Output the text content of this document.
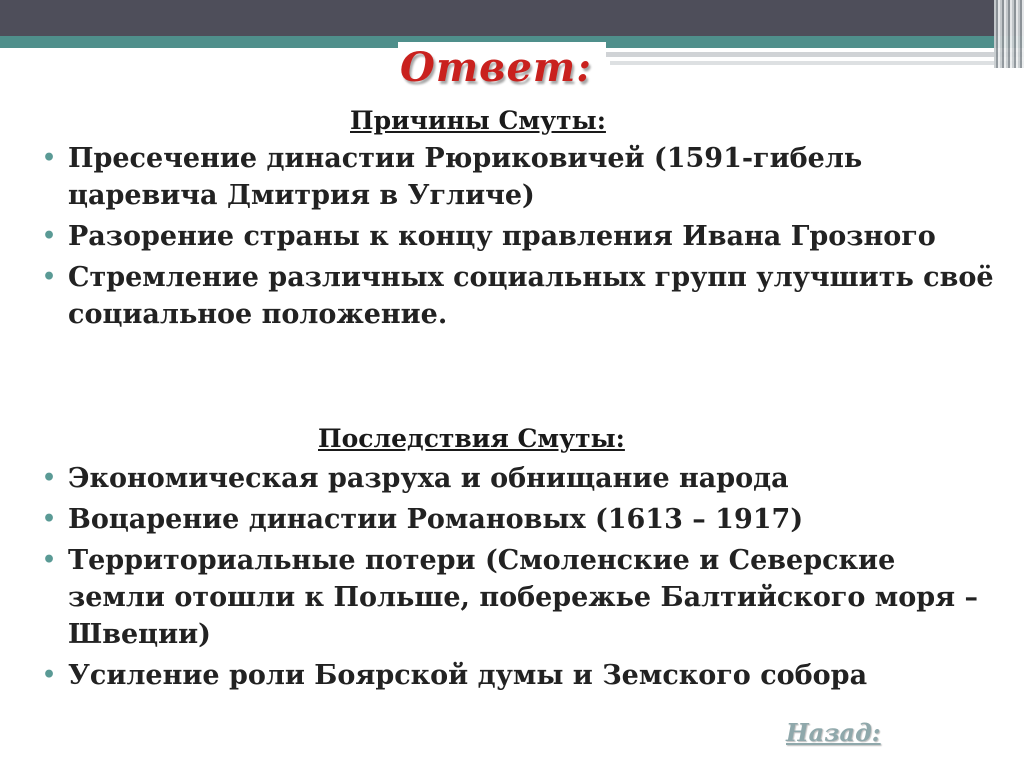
Ответ:
Причины Смуты:
• Пресечение династии Рюриковичей (1591-гибель царевича Дмитрия в Угличе)
• Разорение страны к концу правления Ивана Грозного
• Стремление различных социальных групп улучшить своё социальное положение.
Последствия Смуты:
• Экономическая разруха и обнищание народа
• Воцарение династии Романовых (1613 – 1917)
• Территориальные потери (Смоленские и Северские земли отошли к Польше, побережье Балтийского моря – Швеции)
• Усиление роли Боярской думы и Земского собора
Назад:
